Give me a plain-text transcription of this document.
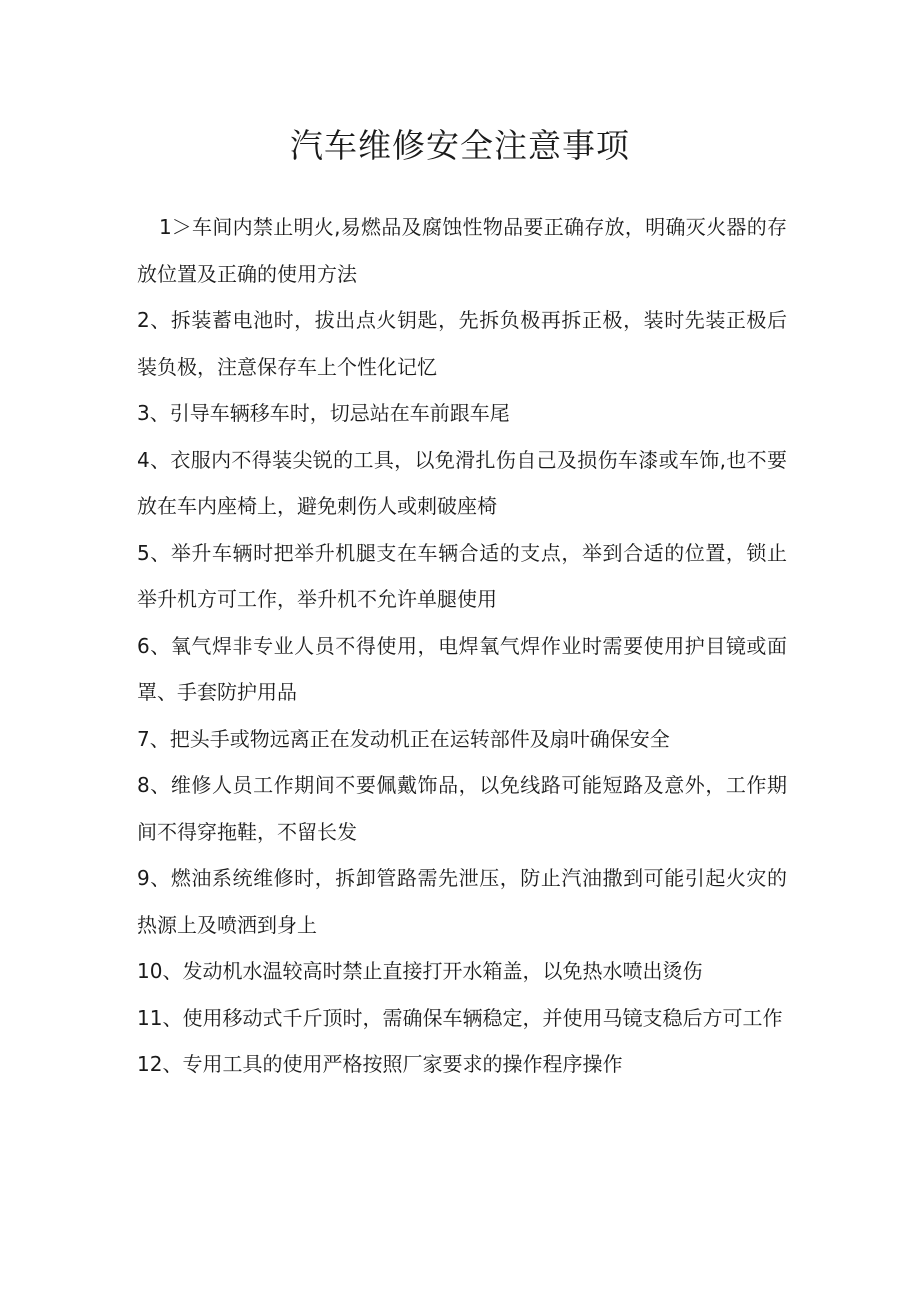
汽车维修安全注意事项

1＞车间内禁止明火,易燃品及腐蚀性物品要正确存放，明确灭火器的存放位置及正确的使用方法

2、拆装蓄电池时，拔出点火钥匙，先拆负极再拆正极，装时先装正极后装负极，注意保存车上个性化记忆

3、引导车辆移车时，切忌站在车前跟车尾

4、衣服内不得装尖锐的工具，以免滑扎伤自己及损伤车漆或车饰,也不要放在车内座椅上，避免刺伤人或刺破座椅

5、举升车辆时把举升机腿支在车辆合适的支点，举到合适的位置，锁止举升机方可工作，举升机不允许单腿使用

6、氧气焊非专业人员不得使用，电焊氧气焊作业时需要使用护目镜或面罩、手套防护用品

7、把头手或物远离正在发动机正在运转部件及扇叶确保安全

8、维修人员工作期间不要佩戴饰品，以免线路可能短路及意外，工作期间不得穿拖鞋，不留长发

9、燃油系统维修时，拆卸管路需先泄压，防止汽油撒到可能引起火灾的热源上及喷洒到身上

10、发动机水温较高时禁止直接打开水箱盖，以免热水喷出烫伤

11、使用移动式千斤顶时，需确保车辆稳定，并使用马镜支稳后方可工作

12、专用工具的使用严格按照厂家要求的操作程序操作
